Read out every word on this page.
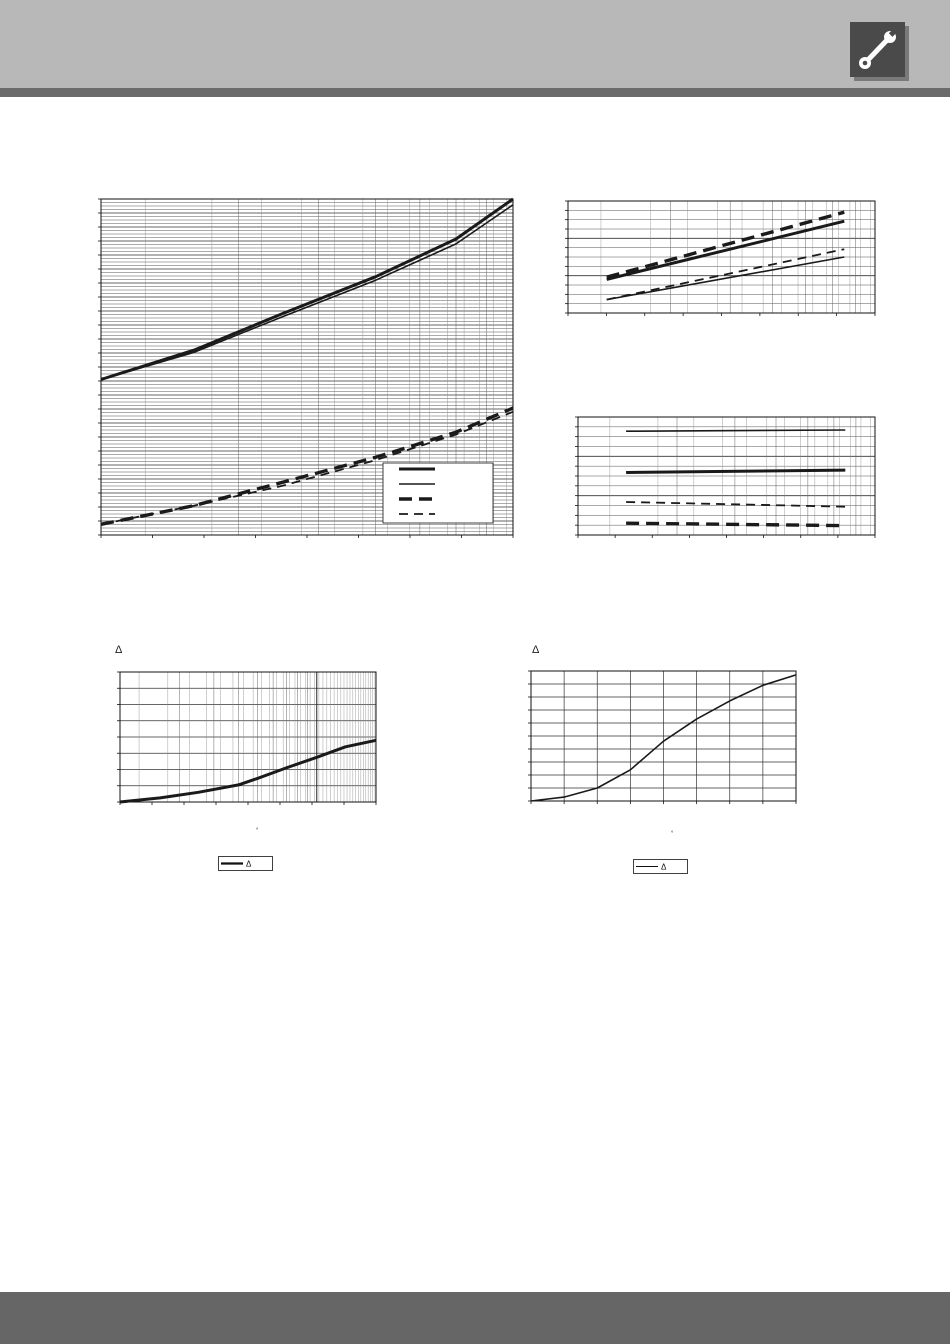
Δ
°
Δ
Δ
°
Δ
